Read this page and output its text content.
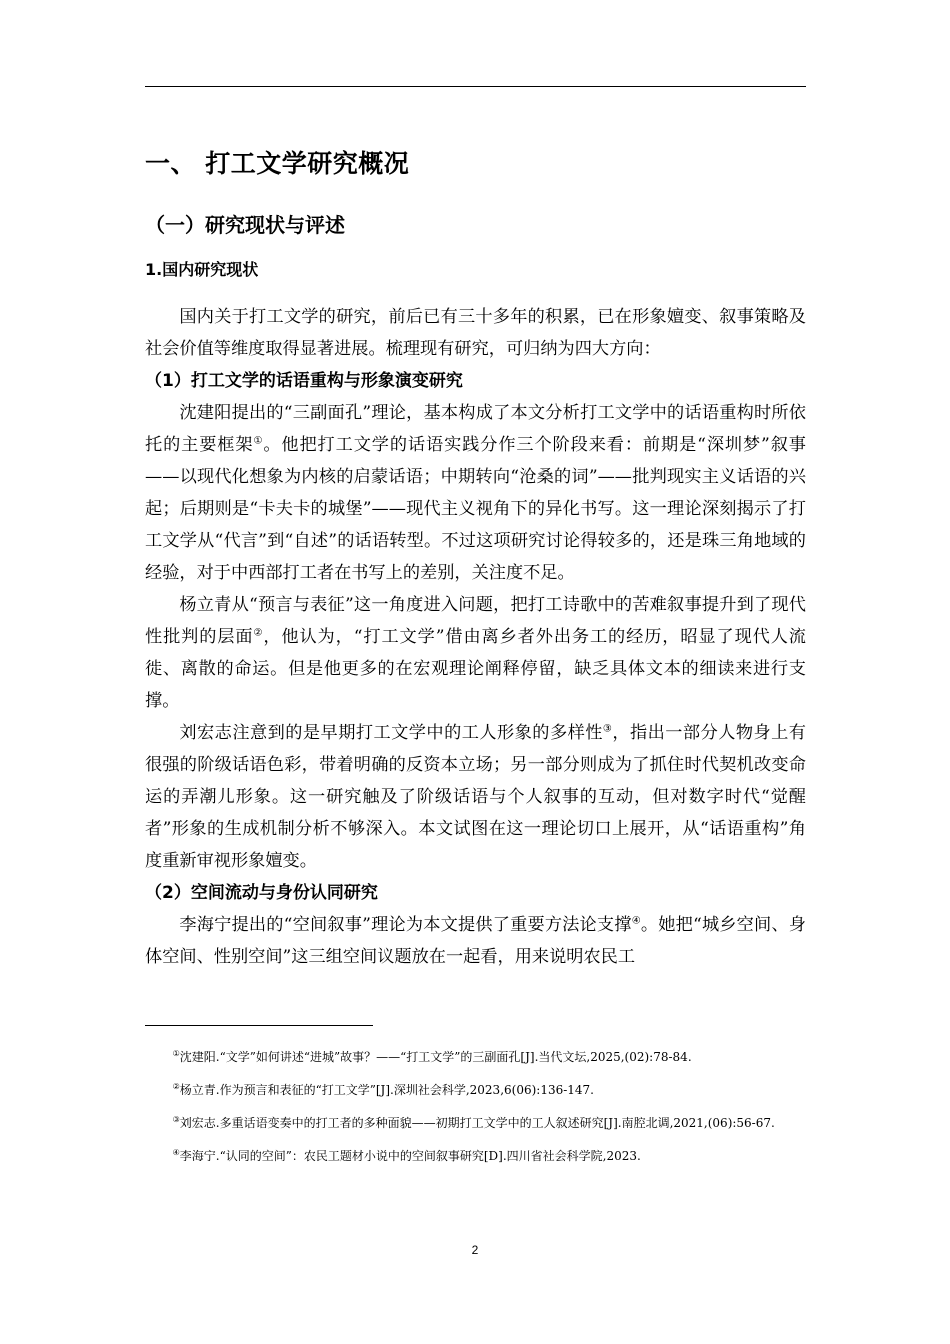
一、 打工文学研究概况
（一）研究现状与评述
1.国内研究现状

国内关于打工文学的研究，前后已有三十多年的积累，已在形象嬗变、叙事策略及社会价值等维度取得显著进展。梳理现有研究，可归纳为四大方向：

（1）打工文学的话语重构与形象演变研究

沈建阳提出的“三副面孔”理论，基本构成了本文分析打工文学中的话语重构时所依托的主要框架①。他把打工文学的话语实践分作三个阶段来看：前期是“深圳梦”叙事——以现代化想象为内核的启蒙话语；中期转向“沧桑的词”——批判现实主义话语的兴起；后期则是“卡夫卡的城堡”——现代主义视角下的异化书写。这一理论深刻揭示了打工文学从“代言”到“自述”的话语转型。不过这项研究讨论得较多的，还是珠三角地域的经验，对于中西部打工者在书写上的差别，关注度不足。

杨立青从“预言与表征”这一角度进入问题，把打工诗歌中的苦难叙事提升到了现代性批判的层面②，他认为，“打工文学”借由离乡者外出务工的经历，昭显了现代人流徙、离散的命运。但是他更多的在宏观理论阐释停留，缺乏具体文本的细读来进行支撑。

刘宏志注意到的是早期打工文学中的工人形象的多样性③，指出一部分人物身上有很强的阶级话语色彩，带着明确的反资本立场；另一部分则成为了抓住时代契机改变命运的弄潮儿形象。这一研究触及了阶级话语与个人叙事的互动，但对数字时代“觉醒者”形象的生成机制分析不够深入。本文试图在这一理论切口上展开，从“话语重构”角度重新审视形象嬗变。

（2）空间流动与身份认同研究

李海宁提出的“空间叙事”理论为本文提供了重要方法论支撑④。她把“城乡空间、身体空间、性别空间”这三组空间议题放在一起看，用来说明农民工

①沈建阳.“文学”如何讲述“进城”故事？——“打工文学”的三副面孔[J].当代文坛,2025,(02):78-84.
②杨立青.作为预言和表征的“打工文学”[J].深圳社会科学,2023,6(06):136-147.
③刘宏志.多重话语变奏中的打工者的多种面貌——初期打工文学中的工人叙述研究[J].南腔北调,2021,(06):56-67.
④李海宁.“认同的空间”：农民工题材小说中的空间叙事研究[D].四川省社会科学院,2023.
2
